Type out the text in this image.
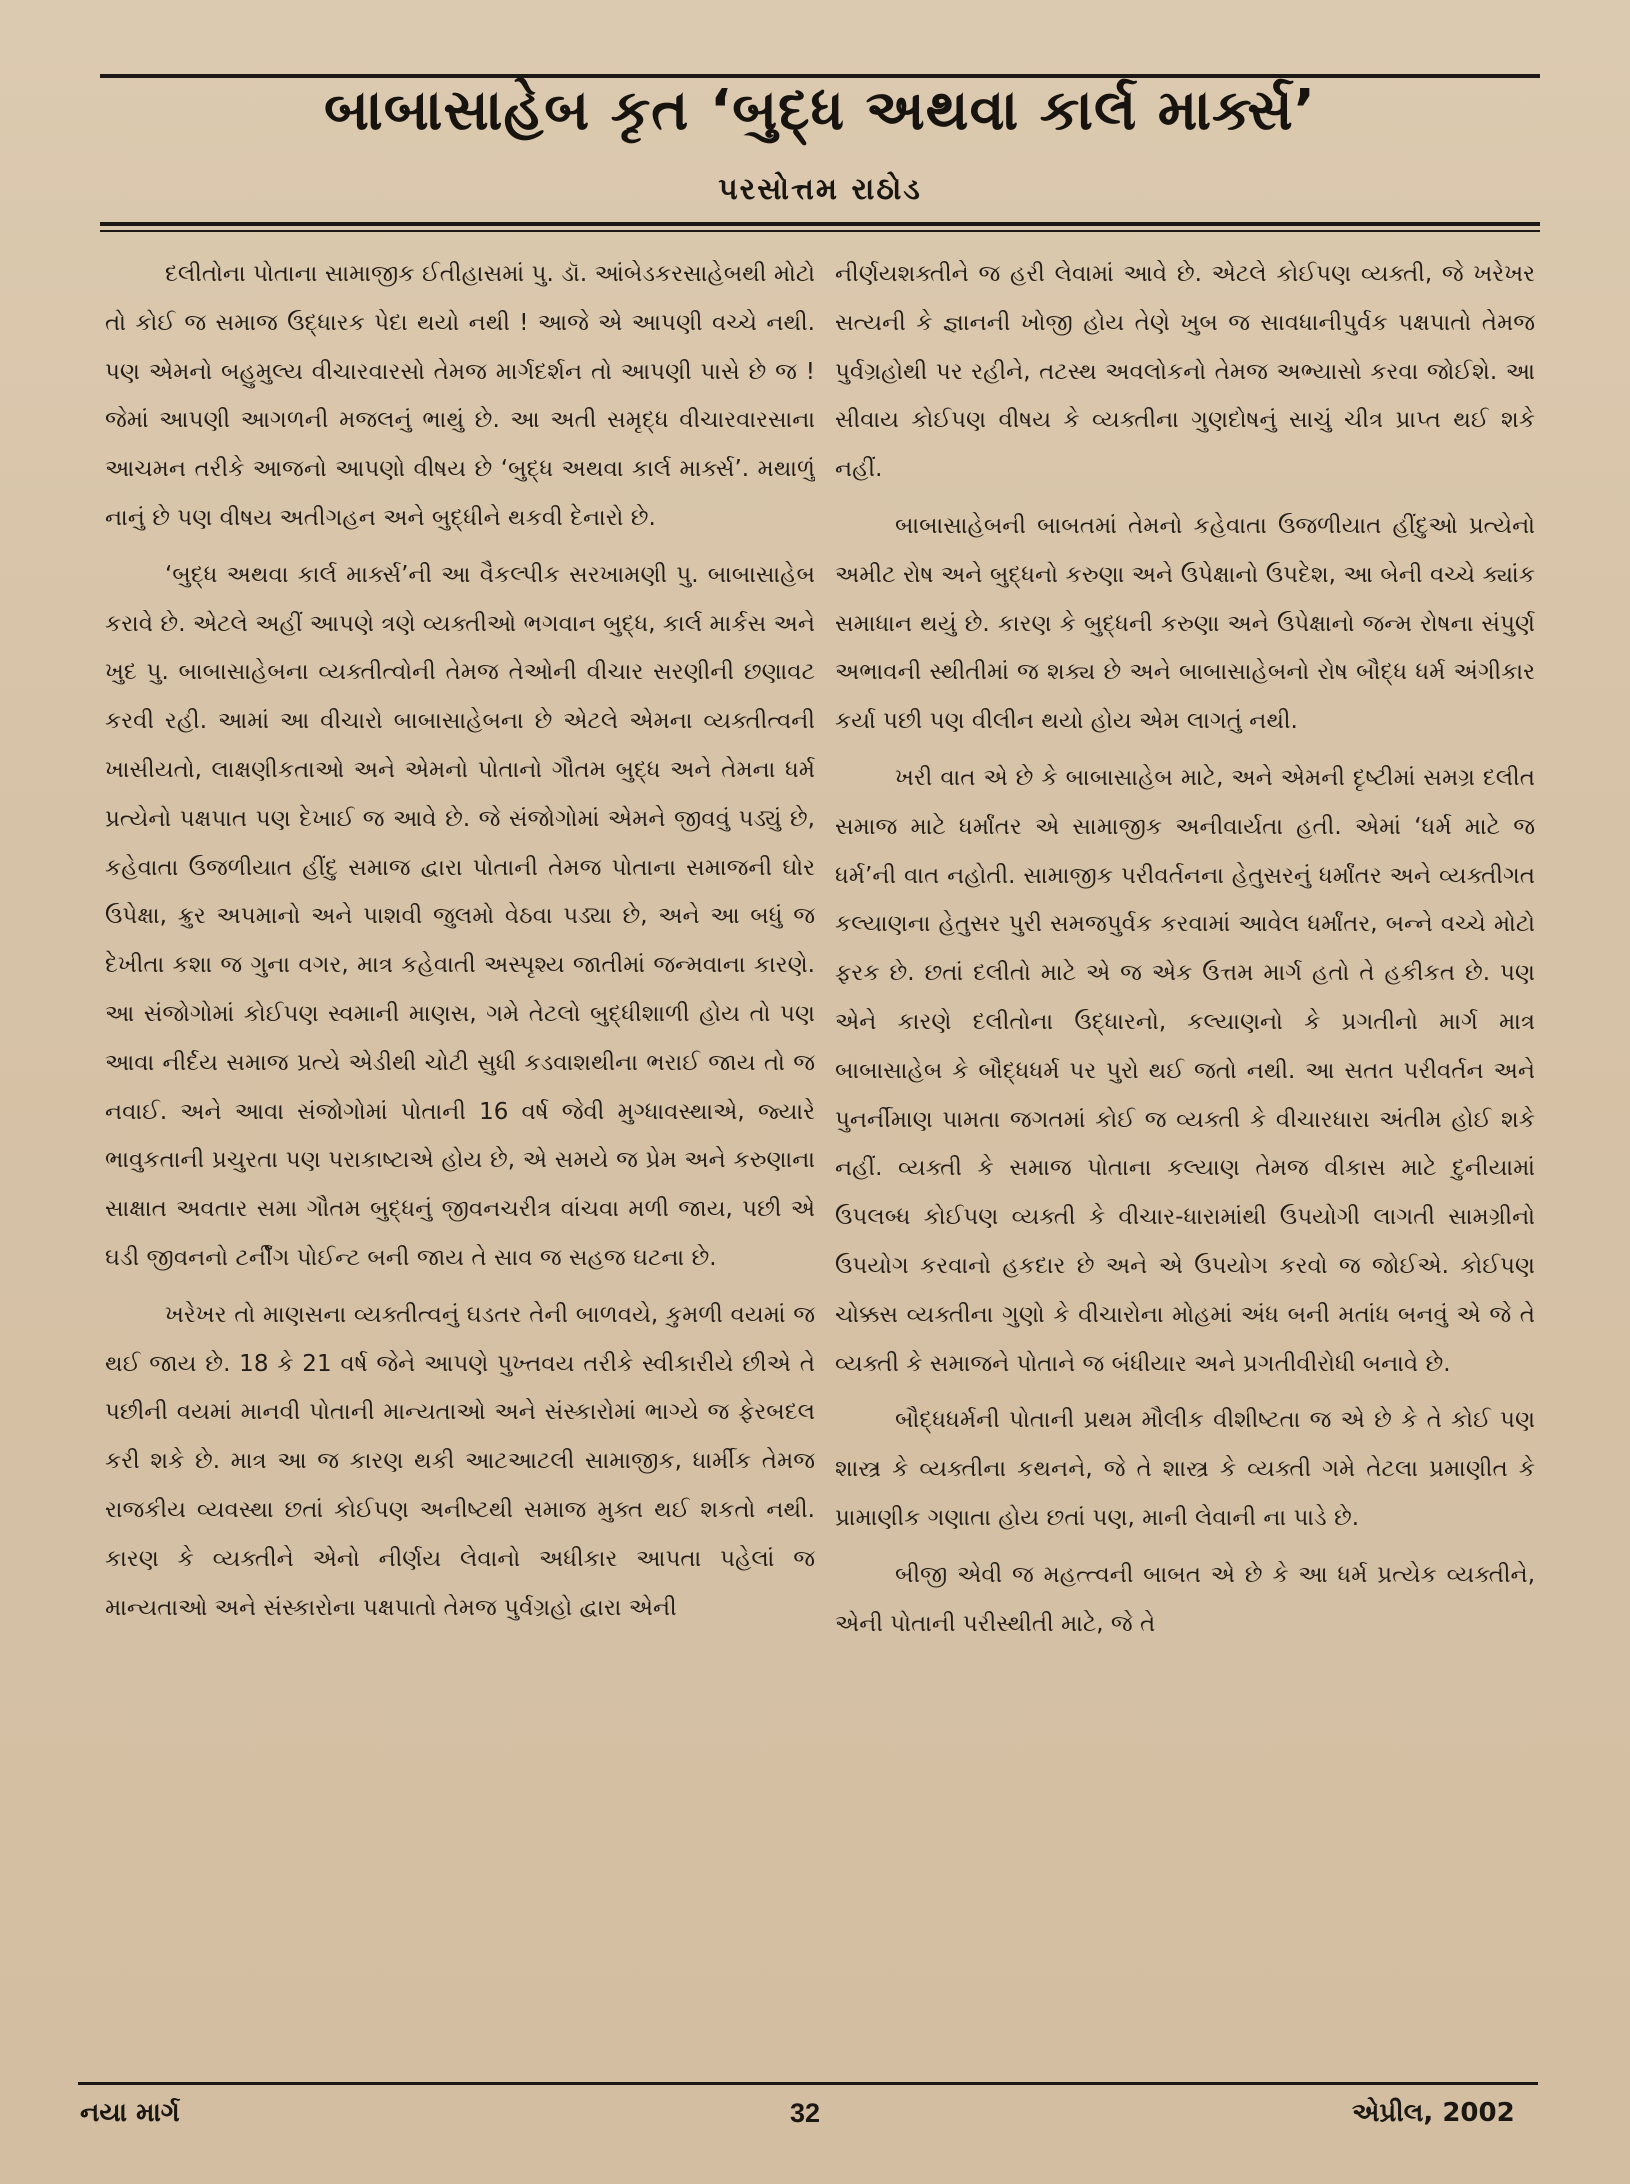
બાબાસાહેબ કૃત ‘બુદ્ધ અથવા કાર્લ માર્ક્સ’
પરસોત્તમ રાઠોડ

દલીતોના પોતાના સામાજીક ઈતીહાસમાં પુ. ડૉ. આંબેડકરસાહેબથી મોટો તો કોઈ જ સમાજ ઉદ્ધારક પેદા થયો નથી ! આજે એ આપણી વચ્ચે નથી. પણ એમનો બહુમુલ્ય વીચારવારસો તેમજ માર્ગદર્શન તો આપણી પાસે છે જ ! જેમાં આપણી આગળની મજલનું ભાથું છે. આ અતી સમૃદ્ધ વીચારવારસાના આચમન તરીકે આજનો આપણો વીષય છે ‘બુદ્ધ અથવા કાર્લ માર્ક્સ’. મથાળું નાનું છે પણ વીષય અતીગહન અને બુદ્ધીને થકવી દેનારો છે.

‘બુદ્ધ અથવા કાર્લ માર્ક્સ’ની આ વૈકલ્પીક સરખામણી પુ. બાબાસાહેબ કરાવે છે. એટલે અહીં આપણે ત્રણે વ્યક્તીઓ ભગવાન બુદ્ધ, કાર્લ માર્કસ અને ખુદ પુ. બાબાસાહેબના વ્યક્તીત્વોની તેમજ તેઓની વીચાર સરણીની છણાવટ કરવી રહી. આમાં આ વીચારો બાબાસાહેબના છે એટલે એમના વ્યક્તીત્વની ખાસીયતો, લાક્ષણીકતાઓ અને એમનો પોતાનો ગૌતમ બુદ્ધ અને તેમના ધર્મ પ્રત્યેનો પક્ષપાત પણ દેખાઈ જ આવે છે. જે સંજોગોમાં એમને જીવવું પડ્યું છે, કહેવાતા ઉજળીયાત હીંદુ સમાજ દ્વારા પોતાની તેમજ પોતાના સમાજની ઘોર ઉપેક્ષા, ક્રુર અપમાનો અને પાશવી જુલમો વેઠવા પડ્યા છે, અને આ બધું જ દેખીતા કશા જ ગુના વગર, માત્ર કહેવાતી અસ્પૃશ્ય જાતીમાં જન્મવાના કારણે. આ સંજોગોમાં કોઈપણ સ્વમાની માણસ, ગમે તેટલો બુદ્ધીશાળી હોય તો પણ આવા નીર્દય સમાજ પ્રત્યે એડીથી ચોટી સુધી કડવાશથીના ભરાઈ જાય તો જ નવાઈ. અને આવા સંજોગોમાં પોતાની 16 વર્ષ જેવી મુગ્ધાવસ્થાએ, જ્યારે ભાવુકતાની પ્રચુરતા પણ પરાકાષ્ટાએ હોય છે, એ સમયે જ પ્રેમ અને કરુણાના સાક્ષાત અવતાર સમા ગૌતમ બુદ્ધનું જીવનચરીત્ર વાંચવા મળી જાય, પછી એ ઘડી જીવનનો ટર્નીંગ પોઈન્ટ બની જાય તે સાવ જ સહજ ઘટના છે.

ખરેખર તો માણસના વ્યક્તીત્વનું ઘડતર તેની બાળવયે, કુમળી વયમાં જ થઈ જાય છે. 18 કે 21 વર્ષ જેને આપણે પુખ્તવય તરીકે સ્વીકારીયે છીએ તે પછીની વયમાં માનવી પોતાની માન્યતાઓ અને સંસ્કારોમાં ભાગ્યે જ ફેરબદલ કરી શકે છે. માત્ર આ જ કારણ થકી આટઆટલી સામાજીક, ધાર્મીક તેમજ રાજકીય વ્યવસ્થા છતાં કોઈપણ અનીષ્ટથી સમાજ મુક્ત થઈ શકતો નથી. કારણ કે વ્યક્તીને એનો નીર્ણય લેવાનો અધીકાર આપતા પહેલાં જ માન્યતાઓ અને સંસ્કારોના પક્ષપાતો તેમજ પુર્વગ્રહો દ્વારા એની

નીર્ણયશક્તીને જ હરી લેવામાં આવે છે. એટલે કોઈપણ વ્યક્તી, જે ખરેખર સત્યની કે જ્ઞાનની ખોજી હોય તેણે ખુબ જ સાવધાનીપુર્વક પક્ષપાતો તેમજ પુર્વગ્રહોથી પર રહીને, તટસ્થ અવલોકનો તેમજ અભ્યાસો કરવા જોઈશે. આ સીવાય કોઈપણ વીષય કે વ્યક્તીના ગુણદોષનું સાચું ચીત્ર પ્રાપ્ત થઈ શકે નહીં.

બાબાસાહેબની બાબતમાં તેમનો કહેવાતા ઉજળીયાત હીંદુઓ પ્રત્યેનો અમીટ રોષ અને બુદ્ધનો કરુણા અને ઉપેક્ષાનો ઉપદેશ, આ બેની વચ્ચે ક્યાંક સમાધાન થયું છે. કારણ કે બુદ્ધની કરુણા અને ઉપેક્ષાનો જન્મ રોષના સંપુર્ણ અભાવની સ્થીતીમાં જ શક્ય છે અને બાબાસાહેબનો રોષ બૌદ્ધ ધર્મ અંગીકાર કર્યા પછી પણ વીલીન થયો હોય એમ લાગતું નથી.

ખરી વાત એ છે કે બાબાસાહેબ માટે, અને એમની દૃષ્ટીમાં સમગ્ર દલીત સમાજ માટે ધર્માંતર એ સામાજીક અનીવાર્યતા હતી. એમાં ‘ધર્મ માટે જ ધર્મ’ની વાત નહોતી. સામાજીક પરીવર્તનના હેતુસરનું ધર્માંતર અને વ્યક્તીગત કલ્યાણના હેતુસર પુરી સમજપુર્વક કરવામાં આવેલ ધર્માંતર, બન્ને વચ્ચે મોટો ફરક છે. છતાં દલીતો માટે એ જ એક ઉત્તમ માર્ગ હતો તે હકીકત છે. પણ એને કારણે દલીતોના ઉદ્ધારનો, કલ્યાણનો કે પ્રગતીનો માર્ગ માત્ર બાબાસાહેબ કે બૌદ્ધધર્મ પર પુરો થઈ જતો નથી. આ સતત પરીવર્તન અને પુનર્નીમાણ પામતા જગતમાં કોઈ જ વ્યક્તી કે વીચારધારા અંતીમ હોઈ શકે નહીં. વ્યક્તી કે સમાજ પોતાના કલ્યાણ તેમજ વીકાસ માટે દુનીયામાં ઉપલબ્ધ કોઈપણ વ્યક્તી કે વીચાર-ધારામાંથી ઉપયોગી લાગતી સામગ્રીનો ઉપયોગ કરવાનો હકદાર છે અને એ ઉપયોગ કરવો જ જોઈએ. કોઈપણ ચોક્કસ વ્યક્તીના ગુણો કે વીચારોના મોહમાં અંધ બની મતાંધ બનવું એ જે તે વ્યક્તી કે સમાજને પોતાને જ બંધીયાર અને પ્રગતીવીરોધી બનાવે છે.

બૌદ્ધધર્મની પોતાની પ્રથમ મૌલીક વીશીષ્ટતા જ એ છે કે તે કોઈ પણ શાસ્ત્ર કે વ્યક્તીના કથનને, જે તે શાસ્ત્ર કે વ્યક્તી ગમે તેટલા પ્રમાણીત કે પ્રામાણીક ગણાતા હોય છતાં પણ, માની લેવાની ના પાડે છે.

બીજી એવી જ મહત્ત્વની બાબત એ છે કે આ ધર્મ પ્રત્યેક વ્યક્તીને, એની પોતાની પરીસ્થીતી માટે, જે તે

નયા માર્ગ	32	એપ્રીલ, 2002
